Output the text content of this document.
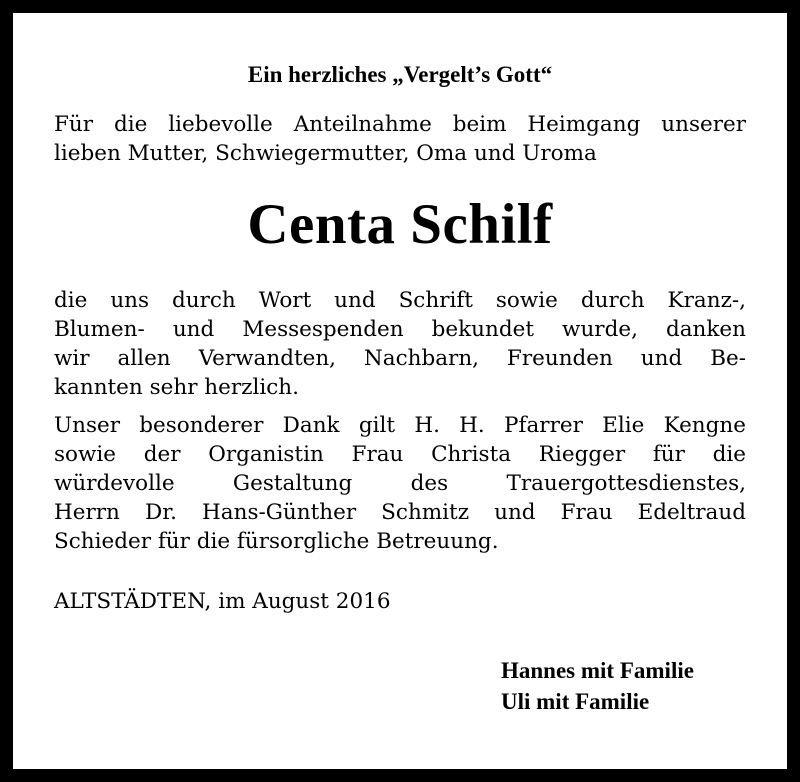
Ein herzliches „Vergelt’s Gott“

Für die liebevolle Anteilnahme beim Heimgang unserer
lieben Mutter, Schwiegermutter, Oma und Uroma

Centa Schilf

die uns durch Wort und Schrift sowie durch Kranz-,
Blumen- und Messespenden bekundet wurde, danken
wir allen Verwandten, Nachbarn, Freunden und Be-
kannten sehr herzlich.

Unser besonderer Dank gilt H. H. Pfarrer Elie Kengne
sowie der Organistin Frau Christa Riegger für die
würdevolle Gestaltung des Trauergottesdienstes,
Herrn Dr. Hans-Günther Schmitz und Frau Edeltraud
Schieder für die fürsorgliche Betreuung.

ALTSTÄDTEN, im August 2016

Hannes mit Familie
Uli mit Familie
